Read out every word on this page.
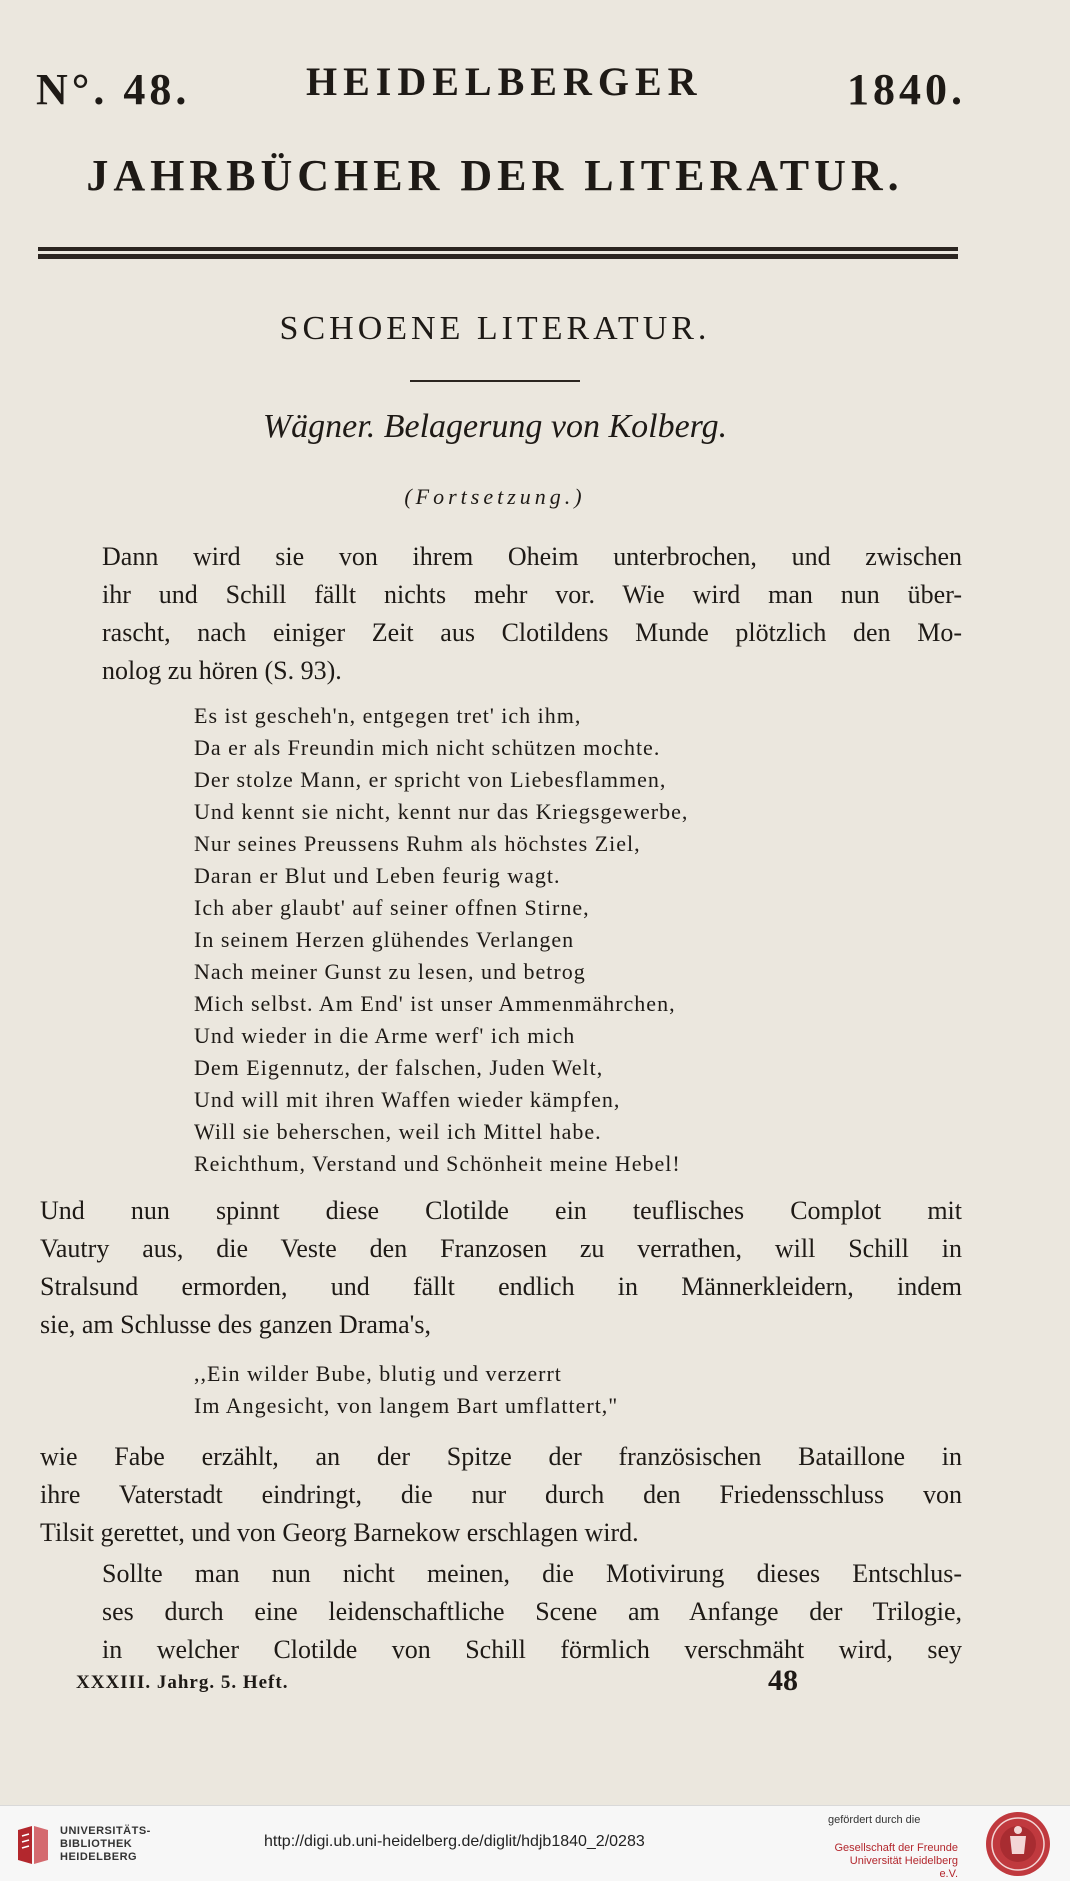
N°. 48.	HEIDELBERGER	1840.
JAHRBÜCHER DER LITERATUR.
SCHOENE LITERATUR.
Wägner. Belagerung von Kolberg.
(Fortsetzung.)
Dann wird sie von ihrem Oheim unterbrochen, und zwischen
ihr und Schill fällt nichts mehr vor. Wie wird man nun über-
rascht, nach einiger Zeit aus Clotildens Munde plötzlich den Mo-
nolog zu hören (S. 93).
Es ist gescheh'n, entgegen tret' ich ihm,
Da er als Freundin mich nicht schützen mochte.
Der stolze Mann, er spricht von Liebesflammen,
Und kennt sie nicht, kennt nur das Kriegsgewerbe,
Nur seines Preussens Ruhm als höchstes Ziel,
Daran er Blut und Leben feurig wagt.
Ich aber glaubt' auf seiner offnen Stirne,
In seinem Herzen glühendes Verlangen
Nach meiner Gunst zu lesen, und betrog
Mich selbst. Am End' ist unser Ammenmährchen,
Und wieder in die Arme werf' ich mich
Dem Eigennutz, der falschen, Juden Welt,
Und will mit ihren Waffen wieder kämpfen,
Will sie beherschen, weil ich Mittel habe.
Reichthum, Verstand und Schönheit meine Hebel!
Und nun spinnt diese Clotilde ein teuflisches Complot mit
Vautry aus, die Veste den Franzosen zu verrathen, will Schill in
Stralsund ermorden, und fällt endlich in Männerkleidern, indem
sie, am Schlusse des ganzen Drama's,
,,Ein wilder Bube, blutig und verzerrt
Im Angesicht, von langem Bart umflattert,"
wie Fabe erzählt, an der Spitze der französischen Bataillone in
ihre Vaterstadt eindringt, die nur durch den Friedensschluss von
Tilsit gerettet, und von Georg Barnekow erschlagen wird.
Sollte man nun nicht meinen, die Motivirung dieses Entschlus-
ses durch eine leidenschaftliche Scene am Anfange der Trilogie,
in welcher Clotilde von Schill förmlich verschmäht wird, sey
XXXIII. Jahrg. 5. Heft.	48
UNIVERSITÄTS-
BIBLIOTHEK
HEIDELBERG
http://digi.ub.uni-heidelberg.de/diglit/hdjb1840_2/0283
gefördert durch die
Gesellschaft der Freunde
Universität Heidelberg e.V.
